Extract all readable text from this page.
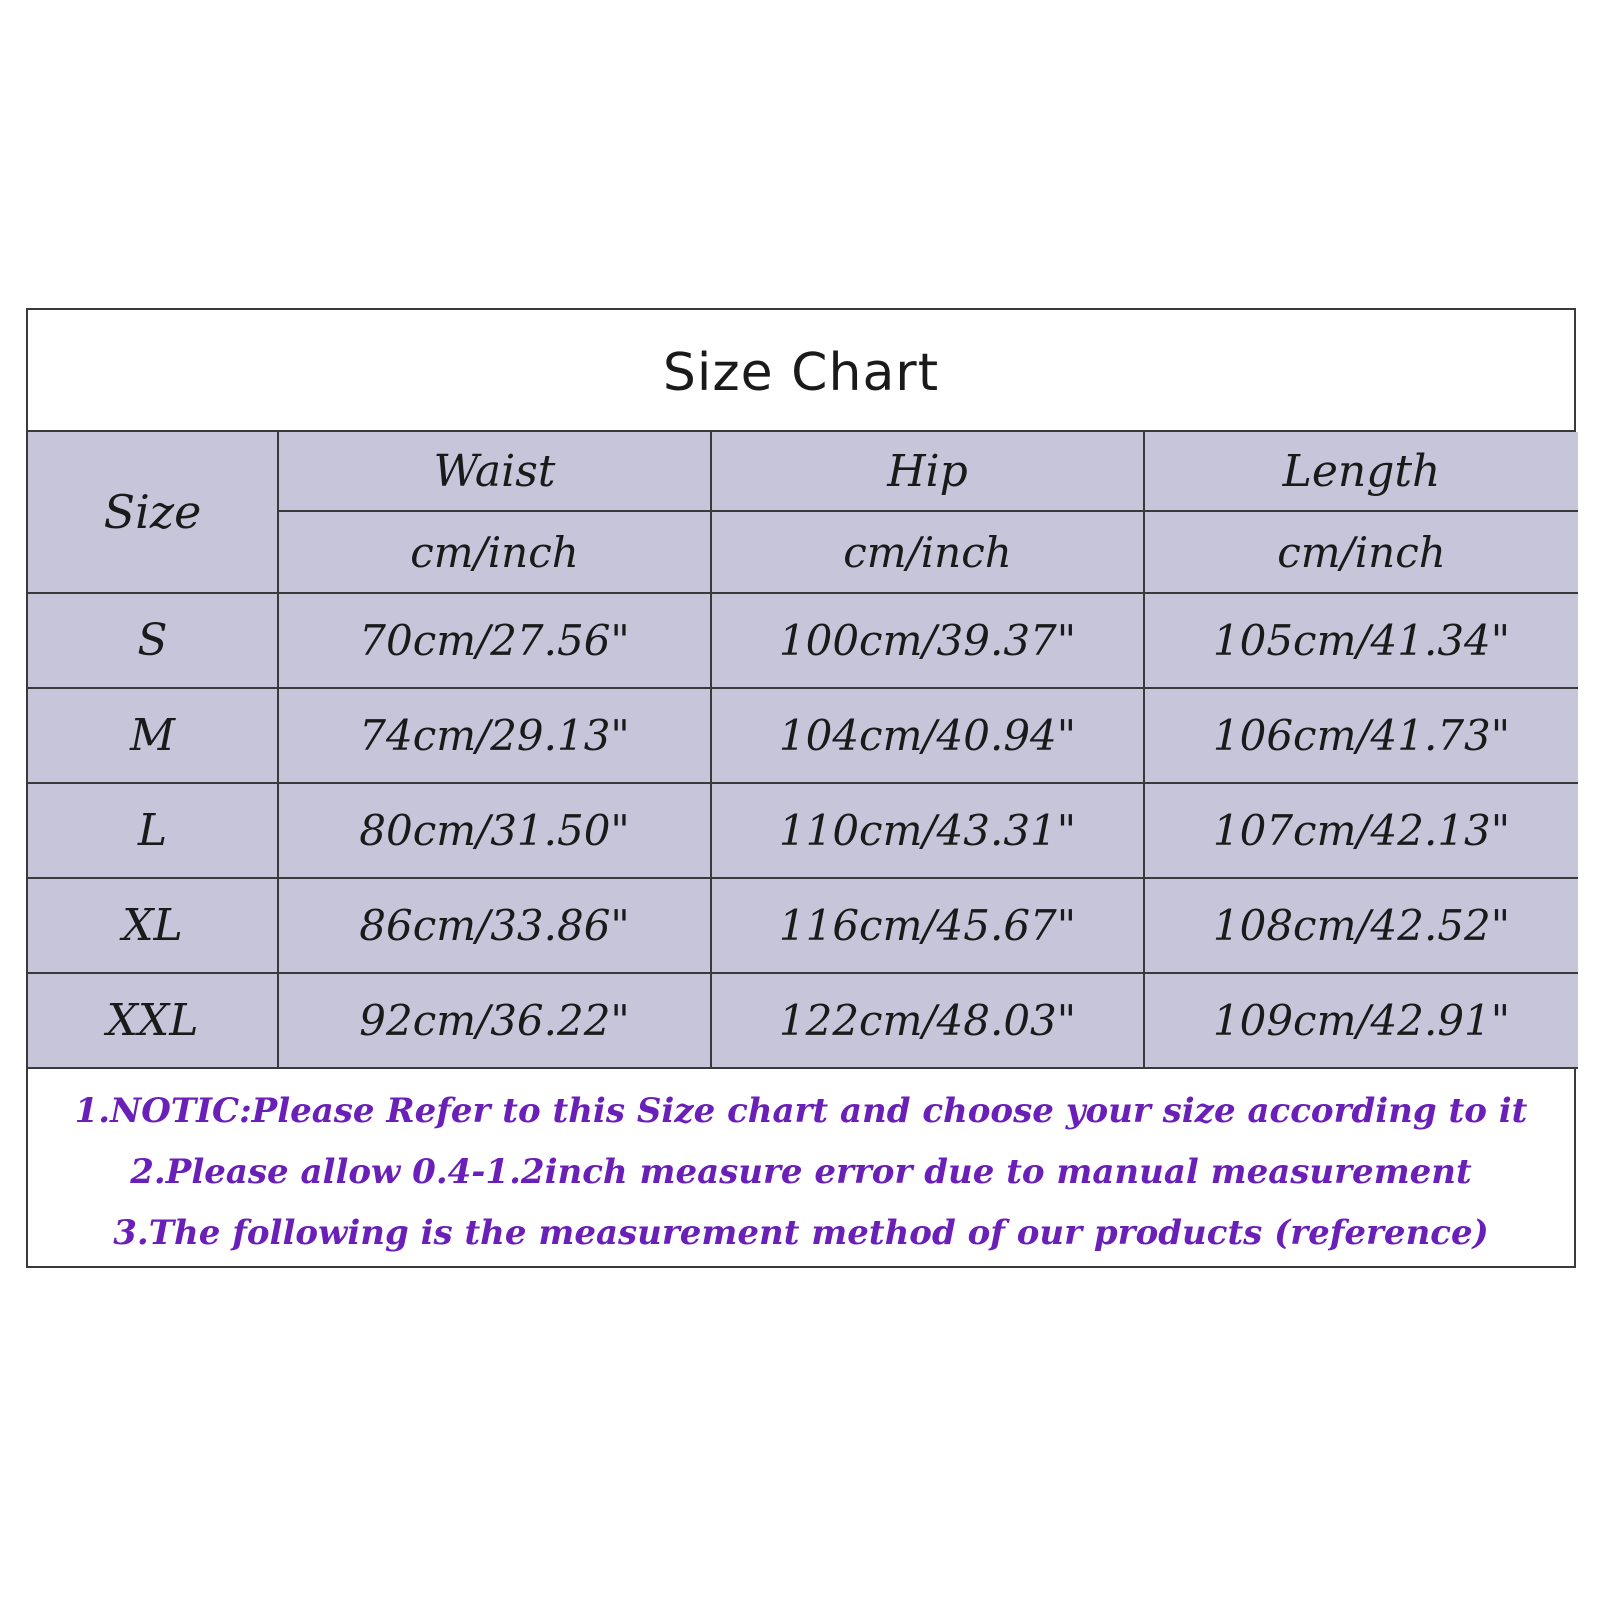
Size Chart
Size	Waist	Hip	Length
	cm/inch	cm/inch	cm/inch
S	70cm/27.56"	100cm/39.37"	105cm/41.34"
M	74cm/29.13"	104cm/40.94"	106cm/41.73"
L	80cm/31.50"	110cm/43.31"	107cm/42.13"
XL	86cm/33.86"	116cm/45.67"	108cm/42.52"
XXL	92cm/36.22"	122cm/48.03"	109cm/42.91"
1.NOTIC:Please Refer to this Size chart and choose your size according to it
2.Please allow 0.4-1.2inch measure error due to manual measurement
3.The following is the measurement method of our products (reference)
